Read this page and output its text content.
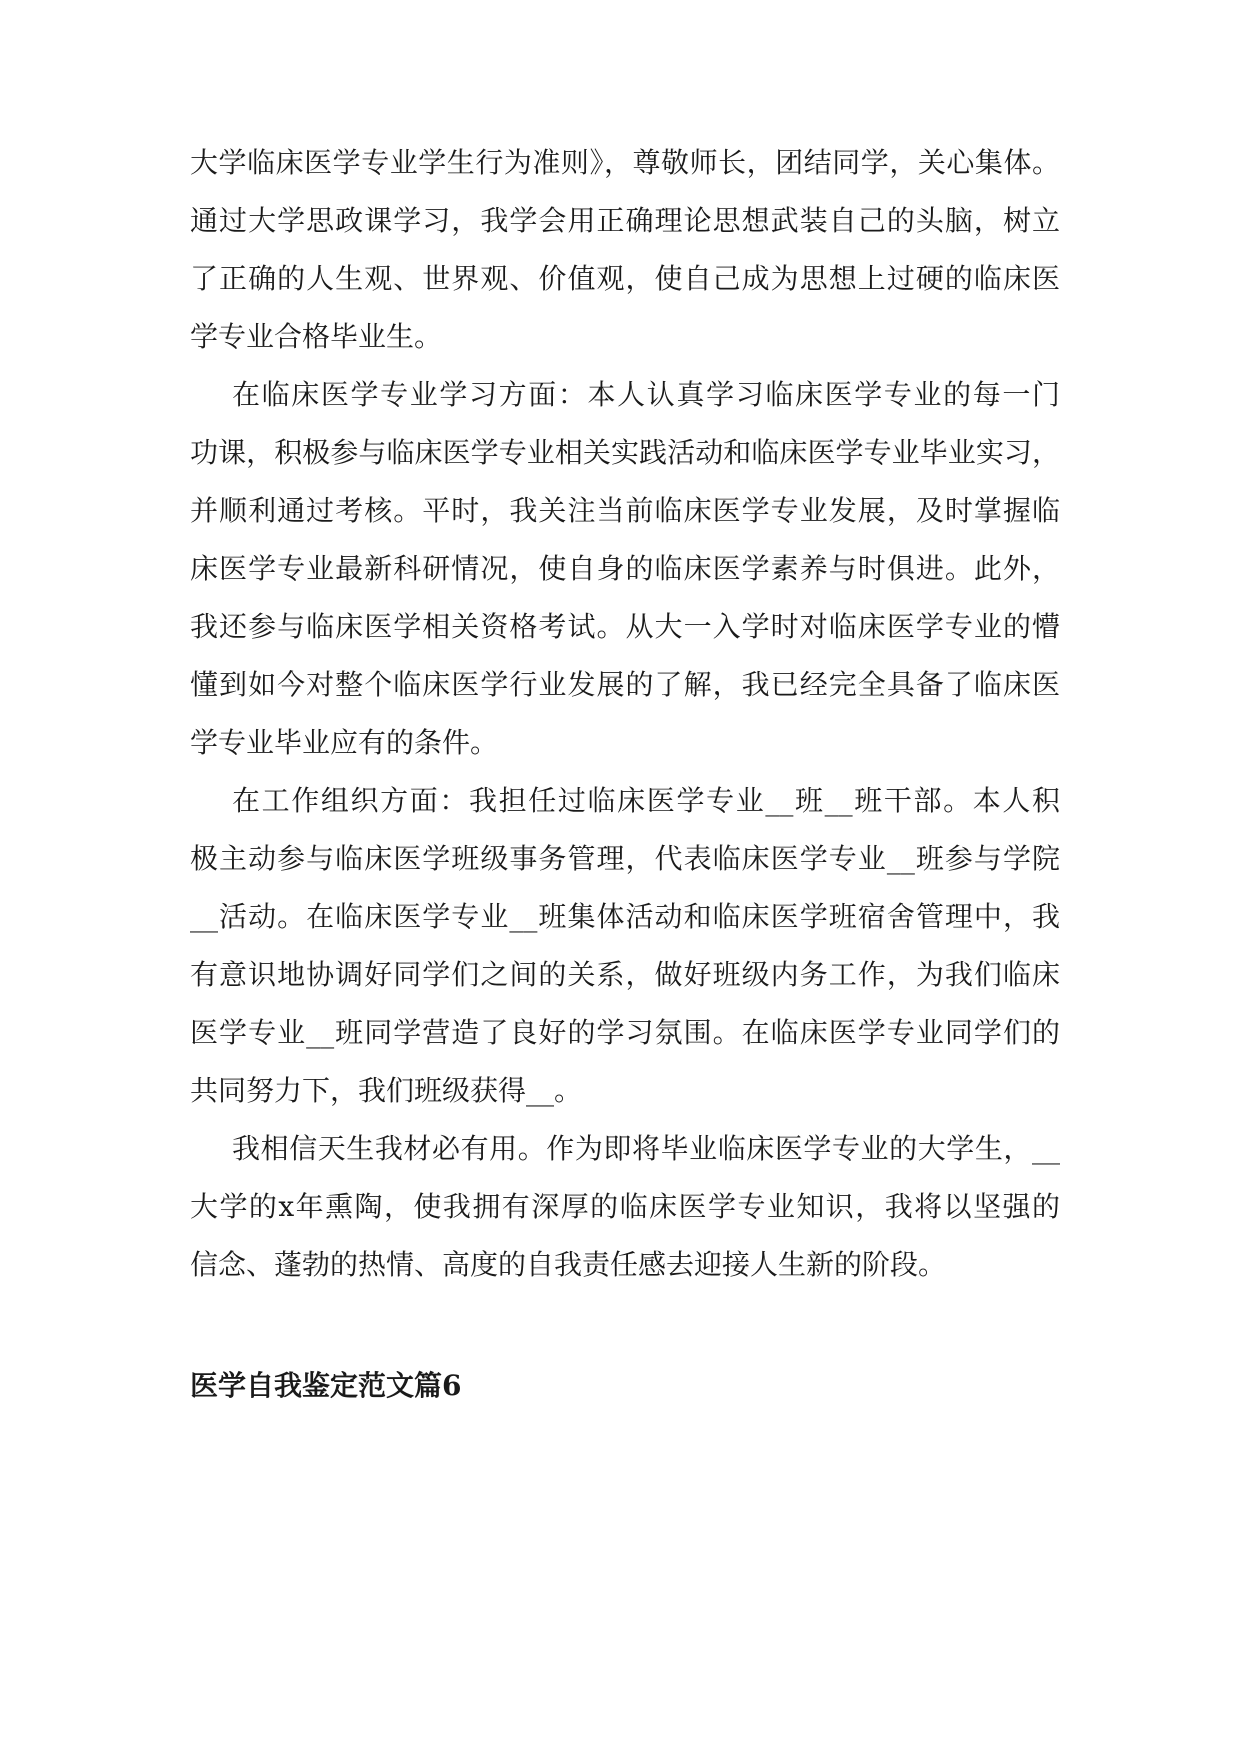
大学临床医学专业学生行为准则》，尊敬师长，团结同学，关心集体。

通过大学思政课学习，我学会用正确理论思想武装自己的头脑，树立

了正确的人生观、世界观、价值观，使自己成为思想上过硬的临床医

学专业合格毕业生。

在临床医学专业学习方面：本人认真学习临床医学专业的每一门

功课，积极参与临床医学专业相关实践活动和临床医学专业毕业实习，

并顺利通过考核。平时，我关注当前临床医学专业发展，及时掌握临

床医学专业最新科研情况，使自身的临床医学素养与时俱进。此外，

我还参与临床医学相关资格考试。从大一入学时对临床医学专业的懵

懂到如今对整个临床医学行业发展的了解，我已经完全具备了临床医

学专业毕业应有的条件。

在工作组织方面：我担任过临床医学专业__班__班干部。本人积

极主动参与临床医学班级事务管理，代表临床医学专业__班参与学院

__活动。在临床医学专业__班集体活动和临床医学班宿舍管理中，我

有意识地协调好同学们之间的关系，做好班级内务工作，为我们临床

医学专业__班同学营造了良好的学习氛围。在临床医学专业同学们的

共同努力下，我们班级获得__。

我相信天生我材必有用。作为即将毕业临床医学专业的大学生，__

大学的x年熏陶，使我拥有深厚的临床医学专业知识，我将以坚强的

信念、蓬勃的热情、高度的自我责任感去迎接人生新的阶段。

医学自我鉴定范文篇6
